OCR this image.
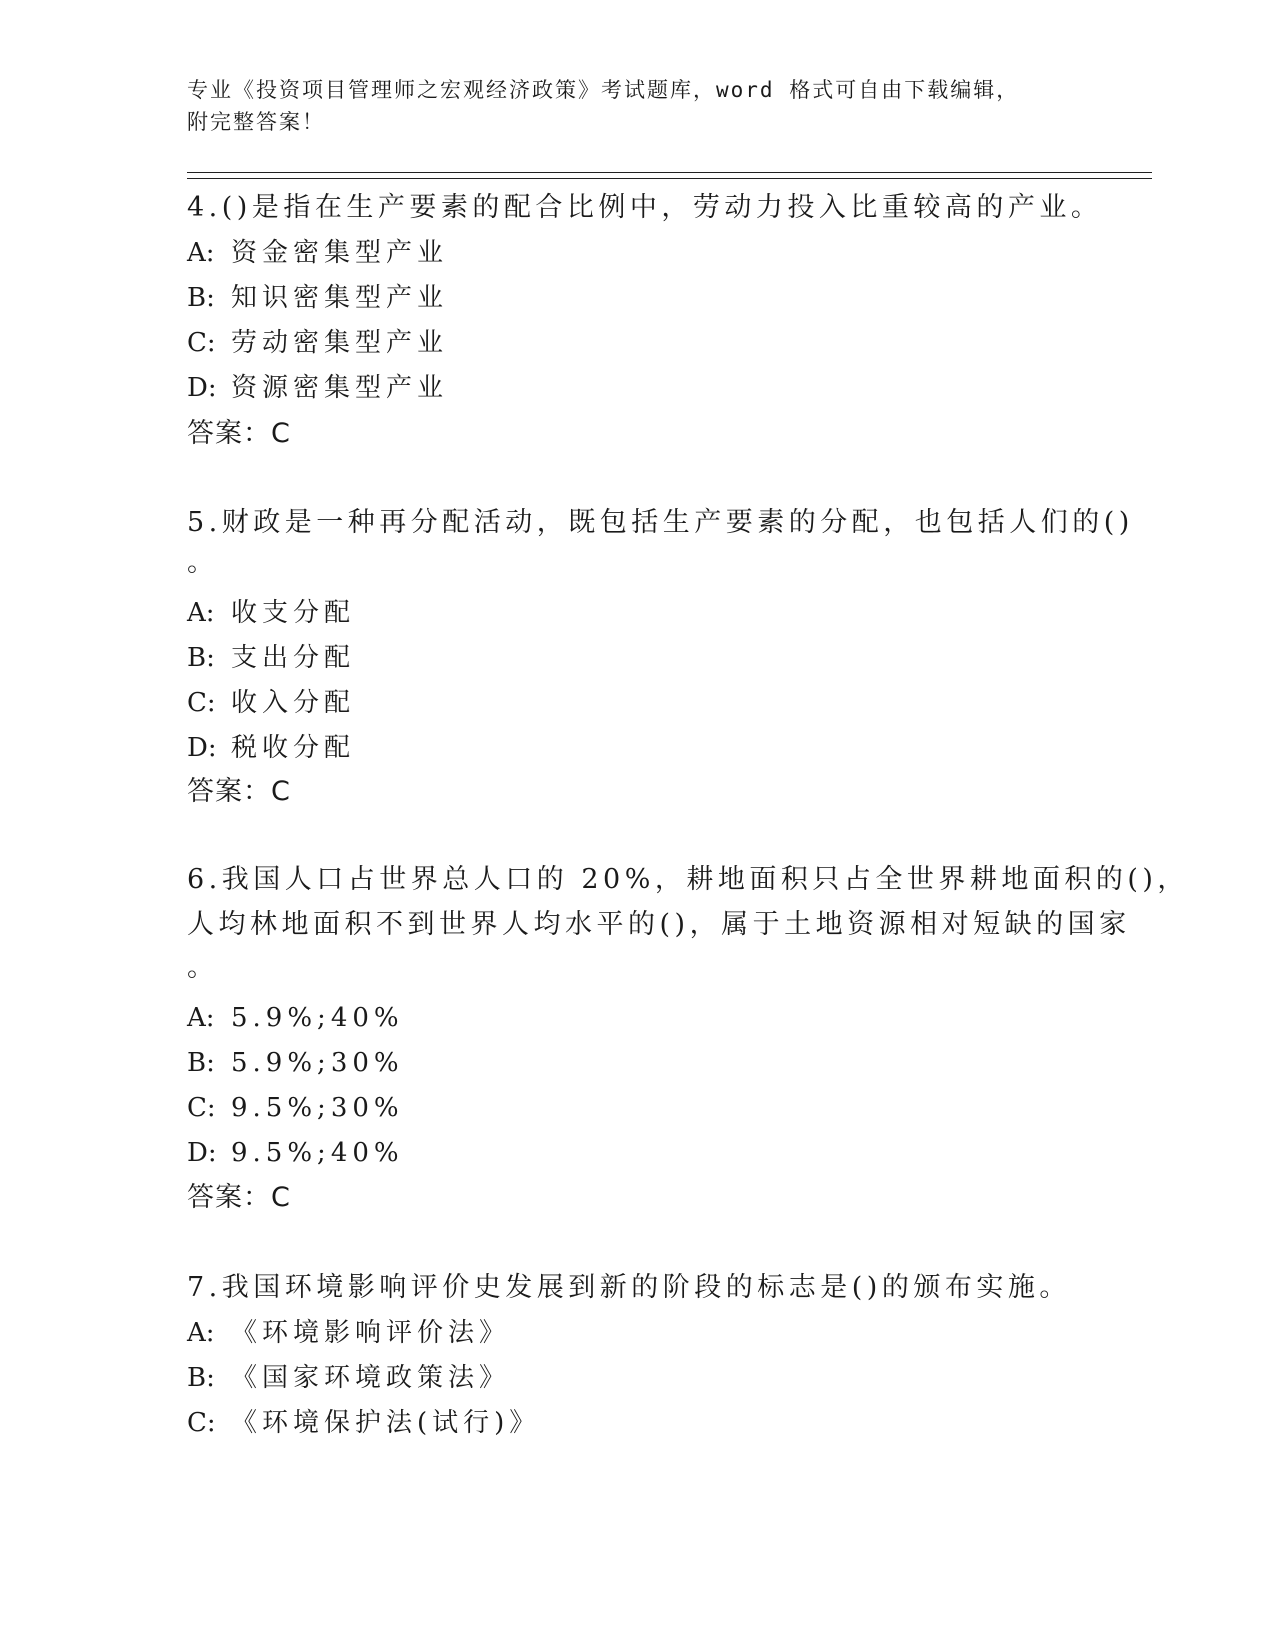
专业《投资项目管理师之宏观经济政策》考试题库，word 格式可自由下载编辑，
附完整答案！
4.()是指在生产要素的配合比例中，劳动力投入比重较高的产业。
A: 资金密集型产业
B: 知识密集型产业
C: 劳动密集型产业
D: 资源密集型产业
答案：C
5.财政是一种再分配活动，既包括生产要素的分配，也包括人们的()
。
A: 收支分配
B: 支出分配
C: 收入分配
D: 税收分配
答案：C
6.我国人口占世界总人口的 20%，耕地面积只占全世界耕地面积的()，
人均林地面积不到世界人均水平的()，属于土地资源相对短缺的国家
。
A: 5.9%;40%
B: 5.9%;30%
C: 9.5%;30%
D: 9.5%;40%
答案：C
7.我国环境影响评价史发展到新的阶段的标志是()的颁布实施。
A: 《环境影响评价法》
B: 《国家环境政策法》
C: 《环境保护法(试行)》
